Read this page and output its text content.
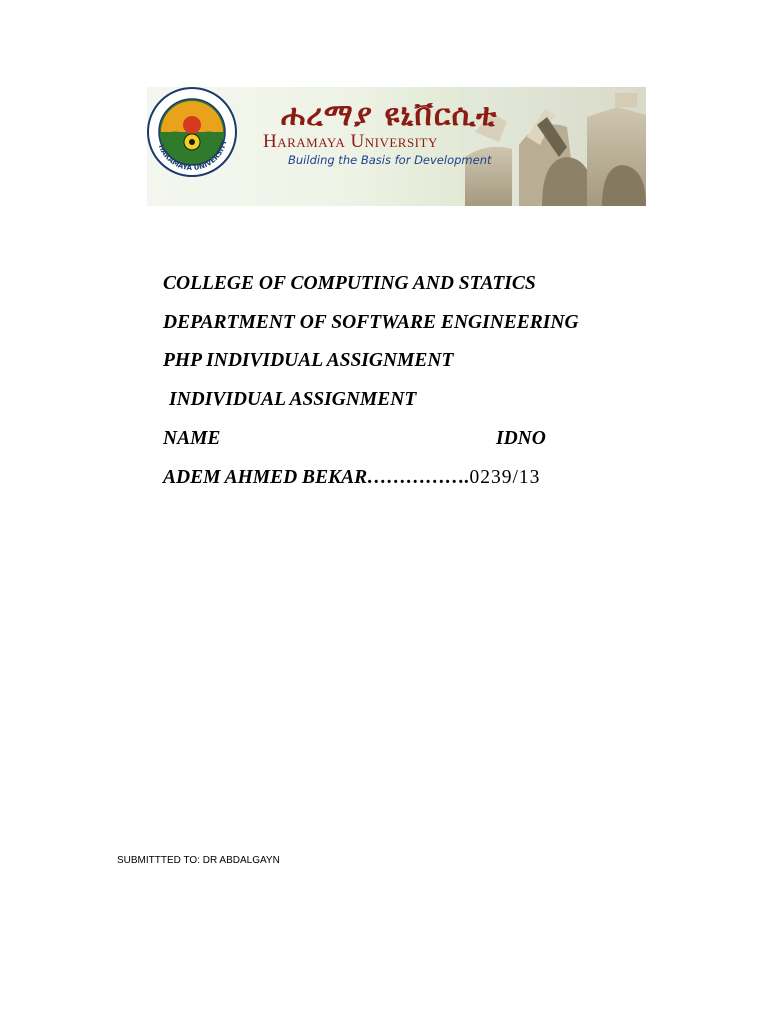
HARAMAYA UNIVERSITY
ሐረማያ ዩኒቨርሲቲ
Haramaya University
Building the Basis for Development
COLLEGE OF COMPUTING AND STATICS
DEPARTMENT OF SOFTWARE ENGINEERING
PHP INDIVIDUAL ASSIGNMENT
INDIVIDUAL ASSIGNMENT
NAME	IDNO
ADEM AHMED BEKAR…………….0239/13
SUBMITTTED TO: DR ABDALGAYN
